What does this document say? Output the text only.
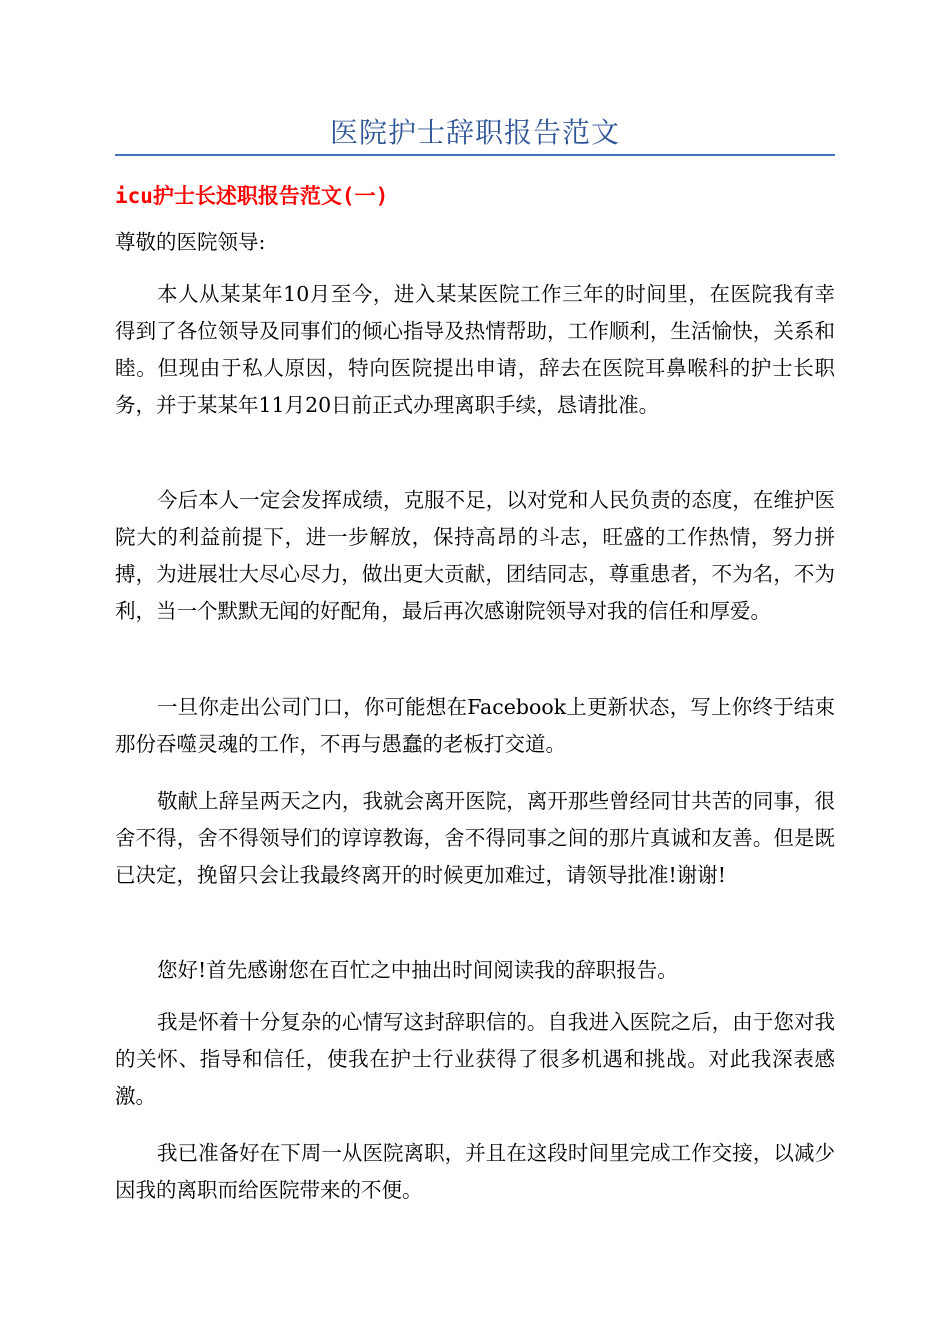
医院护士辞职报告范文
icu护士长述职报告范文(一)
尊敬的医院领导:

本人从某某年10月至今，进入某某医院工作三年的时间里，在医院我有幸得到了各位领导及同事们的倾心指导及热情帮助，工作顺利，生活愉快，关系和睦。但现由于私人原因，特向医院提出申请，辞去在医院耳鼻喉科的护士长职务，并于某某年11月20日前正式办理离职手续，恳请批准。

今后本人一定会发挥成绩，克服不足，以对党和人民负责的态度，在维护医院大的利益前提下，进一步解放，保持高昂的斗志，旺盛的工作热情，努力拼搏，为进展壮大尽心尽力，做出更大贡献，团结同志，尊重患者，不为名，不为利，当一个默默无闻的好配角，最后再次感谢院领导对我的信任和厚爱。

一旦你走出公司门口，你可能想在Facebook上更新状态，写上你终于结束那份吞噬灵魂的工作，不再与愚蠢的老板打交道。

敬献上辞呈两天之内，我就会离开医院，离开那些曾经同甘共苦的同事，很舍不得，舍不得领导们的谆谆教诲，舍不得同事之间的那片真诚和友善。但是既已决定，挽留只会让我最终离开的时候更加难过，请领导批准!谢谢!

您好!首先感谢您在百忙之中抽出时间阅读我的辞职报告。

我是怀着十分复杂的心情写这封辞职信的。自我进入医院之后，由于您对我的关怀、指导和信任，使我在护士行业获得了很多机遇和挑战。对此我深表感激。

我已准备好在下周一从医院离职，并且在这段时间里完成工作交接，以减少因我的离职而给医院带来的不便。
